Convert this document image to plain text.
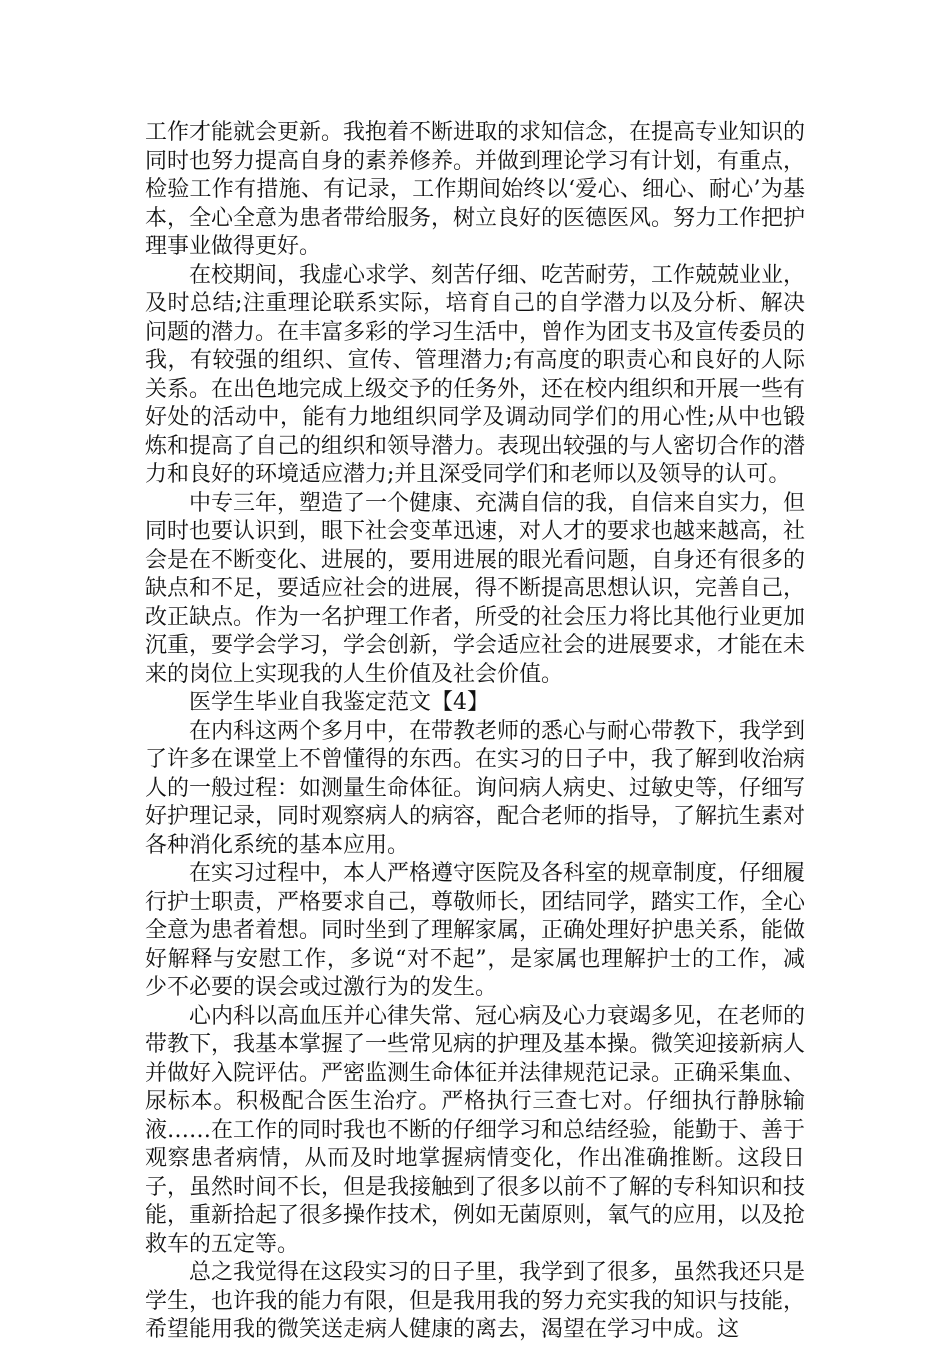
工作才能就会更新。我抱着不断进取的求知信念，在提高专业知识的同时也努力提高自身的素养修养。并做到理论学习有计划，有重点，检验工作有措施、有记录，工作期间始终以‘爱心、细心、耐心’为基本，全心全意为患者带给服务，树立良好的医德医风。努力工作把护理事业做得更好。

在校期间，我虚心求学、刻苦仔细、吃苦耐劳，工作兢兢业业，及时总结;注重理论联系实际，培育自己的自学潜力以及分析、解决问题的潜力。在丰富多彩的学习生活中，曾作为团支书及宣传委员的我，有较强的组织、宣传、管理潜力;有高度的职责心和良好的人际关系。在出色地完成上级交予的任务外，还在校内组织和开展一些有好处的活动中，能有力地组织同学及调动同学们的用心性;从中也锻炼和提高了自己的组织和领导潜力。表现出较强的与人密切合作的潜力和良好的环境适应潜力;并且深受同学们和老师以及领导的认可。

中专三年，塑造了一个健康、充满自信的我，自信来自实力，但同时也要认识到，眼下社会变革迅速，对人才的要求也越来越高，社会是在不断变化、进展的，要用进展的眼光看问题，自身还有很多的缺点和不足，要适应社会的进展，得不断提高思想认识，完善自己，改正缺点。作为一名护理工作者，所受的社会压力将比其他行业更加沉重，要学会学习，学会创新，学会适应社会的进展要求，才能在未来的岗位上实现我的人生价值及社会价值。

医学生毕业自我鉴定范文【4】

在内科这两个多月中，在带教老师的悉心与耐心带教下，我学到了许多在课堂上不曾懂得的东西。在实习的日子中，我了解到收治病人的一般过程：如测量生命体征。询问病人病史、过敏史等，仔细写好护理记录，同时观察病人的病容，配合老师的指导，了解抗生素对各种消化系统的基本应用。

在实习过程中，本人严格遵守医院及各科室的规章制度，仔细履行护士职责，严格要求自己，尊敬师长，团结同学，踏实工作，全心全意为患者着想。同时坐到了理解家属，正确处理好护患关系，能做好解释与安慰工作，多说“对不起”，是家属也理解护士的工作，减少不必要的误会或过激行为的发生。

心内科以高血压并心律失常、冠心病及心力衰竭多见，在老师的带教下，我基本掌握了一些常见病的护理及基本操。微笑迎接新病人并做好入院评估。严密监测生命体征并法律规范记录。正确采集血、尿标本。积极配合医生治疗。严格执行三查七对。仔细执行静脉输液……在工作的同时我也不断的仔细学习和总结经验，能勤于、善于观察患者病情，从而及时地掌握病情变化，作出准确推断。这段日子，虽然时间不长，但是我接触到了很多以前不了解的专科知识和技能，重新拾起了很多操作技术，例如无菌原则，氧气的应用，以及抢救车的五定等。

总之我觉得在这段实习的日子里，我学到了很多，虽然我还只是学生，也许我的能力有限，但是我用我的努力充实我的知识与技能，希望能用我的微笑送走病人健康的离去，渴望在学习中成。这
